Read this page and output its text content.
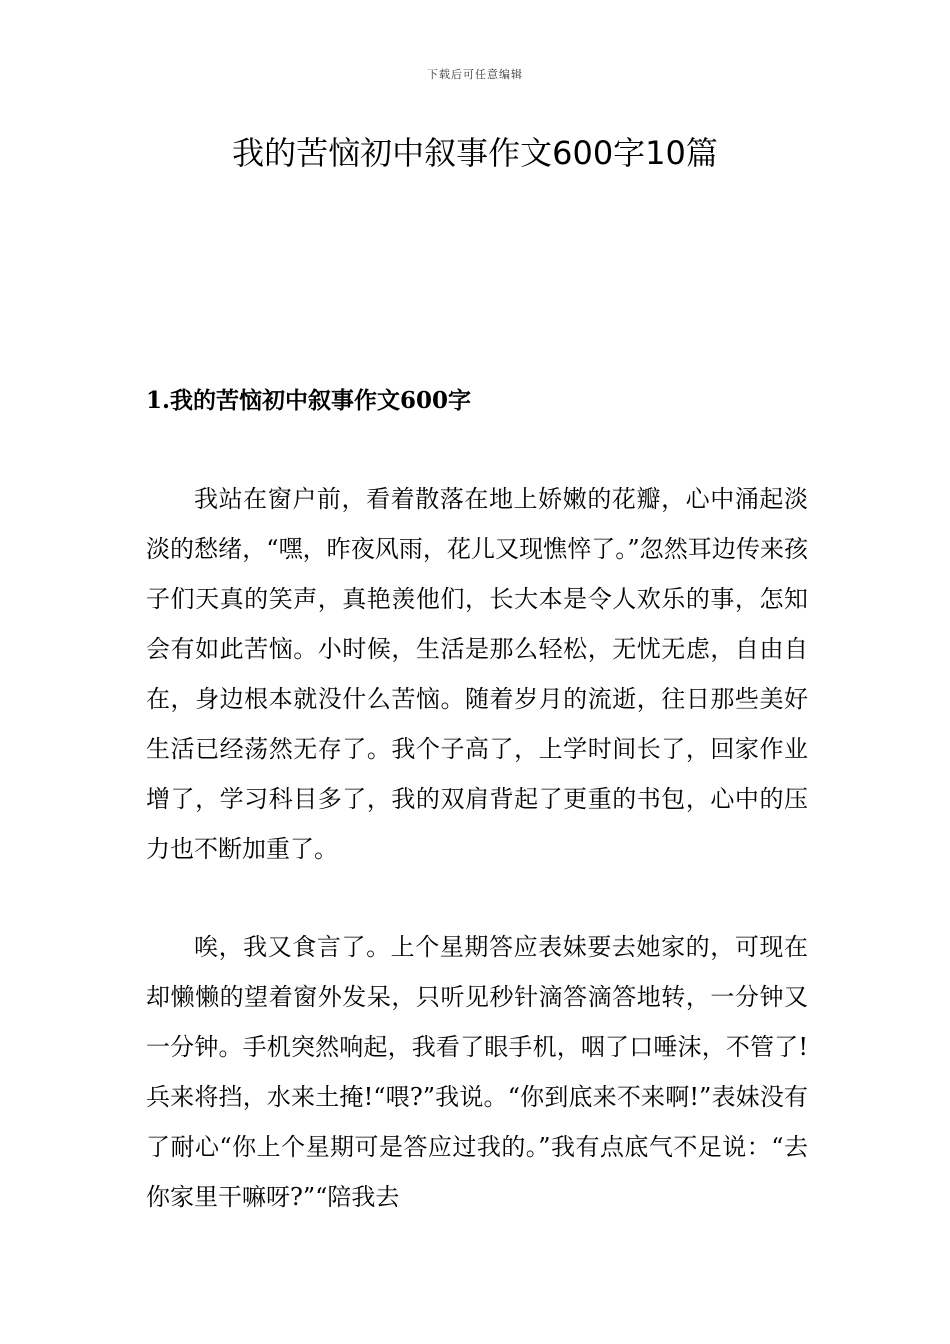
下载后可任意编辑
我的苦恼初中叙事作文600字10篇
1.我的苦恼初中叙事作文600字

我站在窗户前，看着散落在地上娇嫩的花瓣，心中涌起淡淡的愁绪，“嘿，昨夜风雨，花儿又现憔悴了。”忽然耳边传来孩子们天真的笑声，真艳羡他们，长大本是令人欢乐的事，怎知会有如此苦恼。小时候，生活是那么轻松，无忧无虑，自由自在，身边根本就没什么苦恼。随着岁月的流逝，往日那些美好生活已经荡然无存了。我个子高了，上学时间长了，回家作业增了，学习科目多了，我的双肩背起了更重的书包，心中的压力也不断加重了。

唉，我又食言了。上个星期答应表妹要去她家的，可现在却懒懒的望着窗外发呆，只听见秒针滴答滴答地转，一分钟又一分钟。手机突然响起，我看了眼手机，咽了口唾沫，不管了!兵来将挡，水来土掩!“喂?”我说。“你到底来不来啊!”表妹没有了耐心“你上个星期可是答应过我的。”我有点底气不足说：“去你家里干嘛呀?”“陪我去
